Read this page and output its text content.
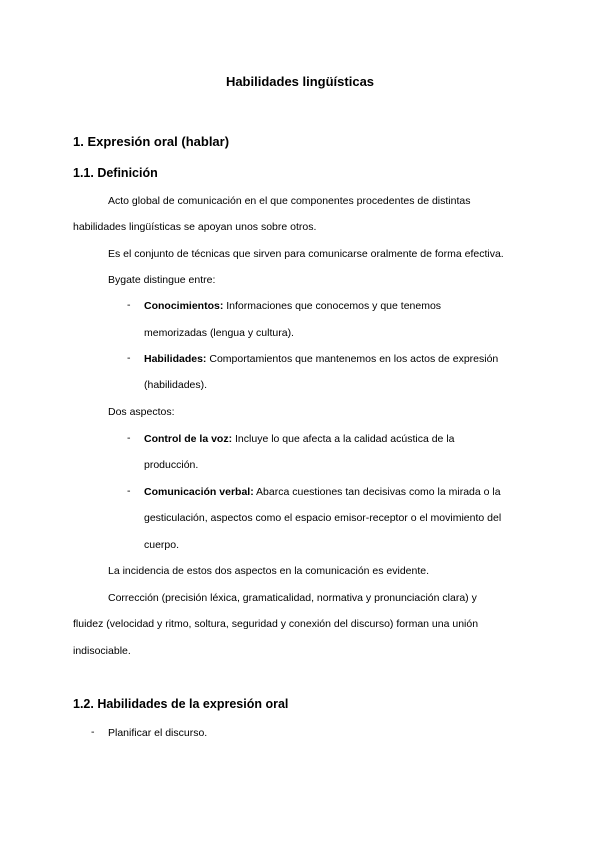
Habilidades lingüísticas
1. Expresión oral (hablar)
1.1. Definición
Acto global de comunicación en el que componentes procedentes de distintas
habilidades lingüísticas se apoyan unos sobre otros.
Es el conjunto de técnicas que sirven para comunicarse oralmente de forma efectiva.
Bygate distingue entre:
- Conocimientos: Informaciones que conocemos y que tenemos
memorizadas (lengua y cultura).
- Habilidades: Comportamientos que mantenemos en los actos de expresión
(habilidades).
Dos aspectos:
- Control de la voz: Incluye lo que afecta a la calidad acústica de la
producción.
- Comunicación verbal: Abarca cuestiones tan decisivas como la mirada o la
gesticulación, aspectos como el espacio emisor-receptor o el movimiento del
cuerpo.
La incidencia de estos dos aspectos en la comunicación es evidente.
Corrección (precisión léxica, gramaticalidad, normativa y pronunciación clara) y
fluidez (velocidad y ritmo, soltura, seguridad y conexión del discurso) forman una unión
indisociable.
1.2. Habilidades de la expresión oral
- Planificar el discurso.
